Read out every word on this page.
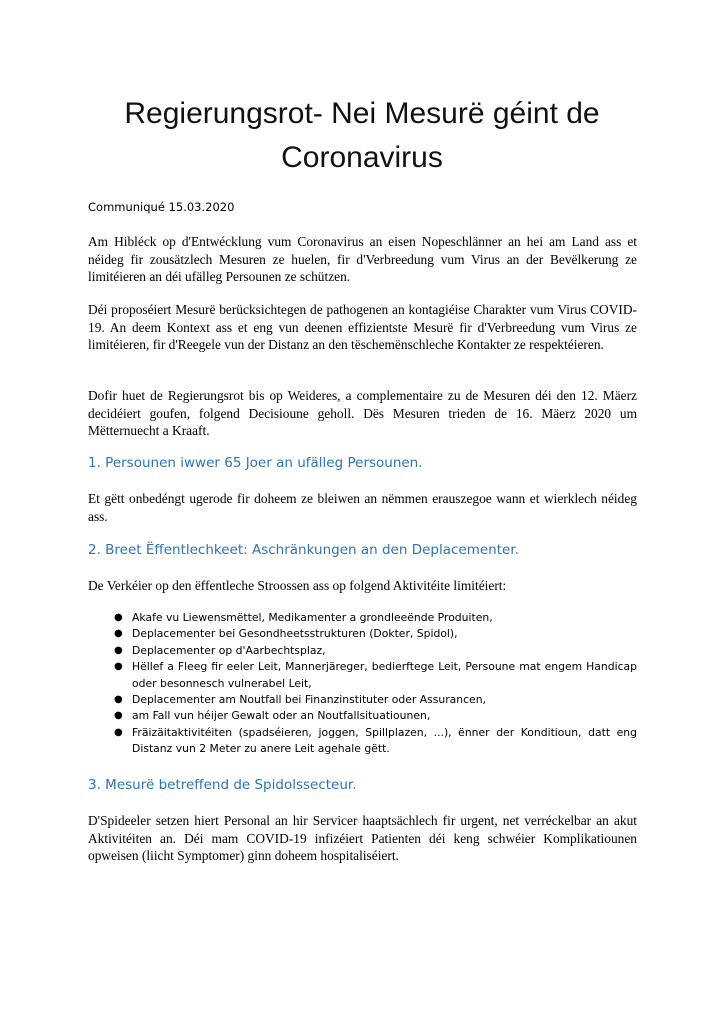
Regierungsrot- Nei Mesurë géint de
Coronavirus
Communiqué 15.03.2020

Am Hibléck op d'Entwécklung vum Coronavirus an eisen Nopeschlänner an hei am Land ass et néideg fir zousätzlech Mesuren ze huelen, fir d'Verbreedung vum Virus an der Bevëlkerung ze limitéieren an déi ufälleg Persounen ze schützen.

Déi proposéiert Mesurë berücksichtegen de pathogenen an kontagiéise Charakter vum Virus COVID-19. An deem Kontext ass et eng vun deenen effizientste Mesurë fir d'Verbreedung vum Virus ze limitéieren, fir d'Reegele vun der Distanz an den tëschemënschleche Kontakter ze respektéieren.

Dofir huet de Regierungsrot bis op Weideres, a complementaire zu de Mesuren déi den 12. Mäerz decidéiert goufen, folgend Decisioune geholl. Dës Mesuren trieden de 16. Mäerz 2020 um Mëtternuecht a Kraaft.

1. Persounen iwwer 65 Joer an ufälleg Persounen.

Et gëtt onbedéngt ugerode fir doheem ze bleiwen an nëmmen erauszegoe wann et wierklech néideg ass.

2. Breet Ëffentlechkeet: Aschränkungen an den Deplacementer.

De Verkéier op den ëffentleche Stroossen ass op folgend Aktivitéite limitéiert:

● Akafe vu Liewensmëttel, Medikamenter a grondleeënde Produiten,
● Deplacementer bei Gesondheetsstrukturen (Dokter, Spidol),
● Deplacementer op d'Aarbechtsplaz,
● Hëllef a Fleeg fir eeler Leit, Mannerjäreger, bedierftege Leit, Persoune mat engem Handicap oder besonnesch vulnerabel Leit,
● Deplacementer am Noutfall bei Finanzinstituter oder Assurancen,
● am Fall vun héijer Gewalt oder an Noutfallsituatiounen,
● Fräizäitaktivitéiten (spadséieren, joggen, Spillplazen, ...), ënner der Konditioun, datt eng Distanz vun 2 Meter zu anere Leit agehale gëtt.
3. Mesurë betreffend de Spidolssecteur.

D'Spideeler setzen hiert Personal an hir Servicer haaptsächlech fir urgent, net verréckelbar an akut Aktivitéiten an. Déi mam COVID-19 infizéiert Patienten déi keng schwéier Komplikatiounen opweisen (liicht Symptomer) ginn doheem hospitaliséiert.
